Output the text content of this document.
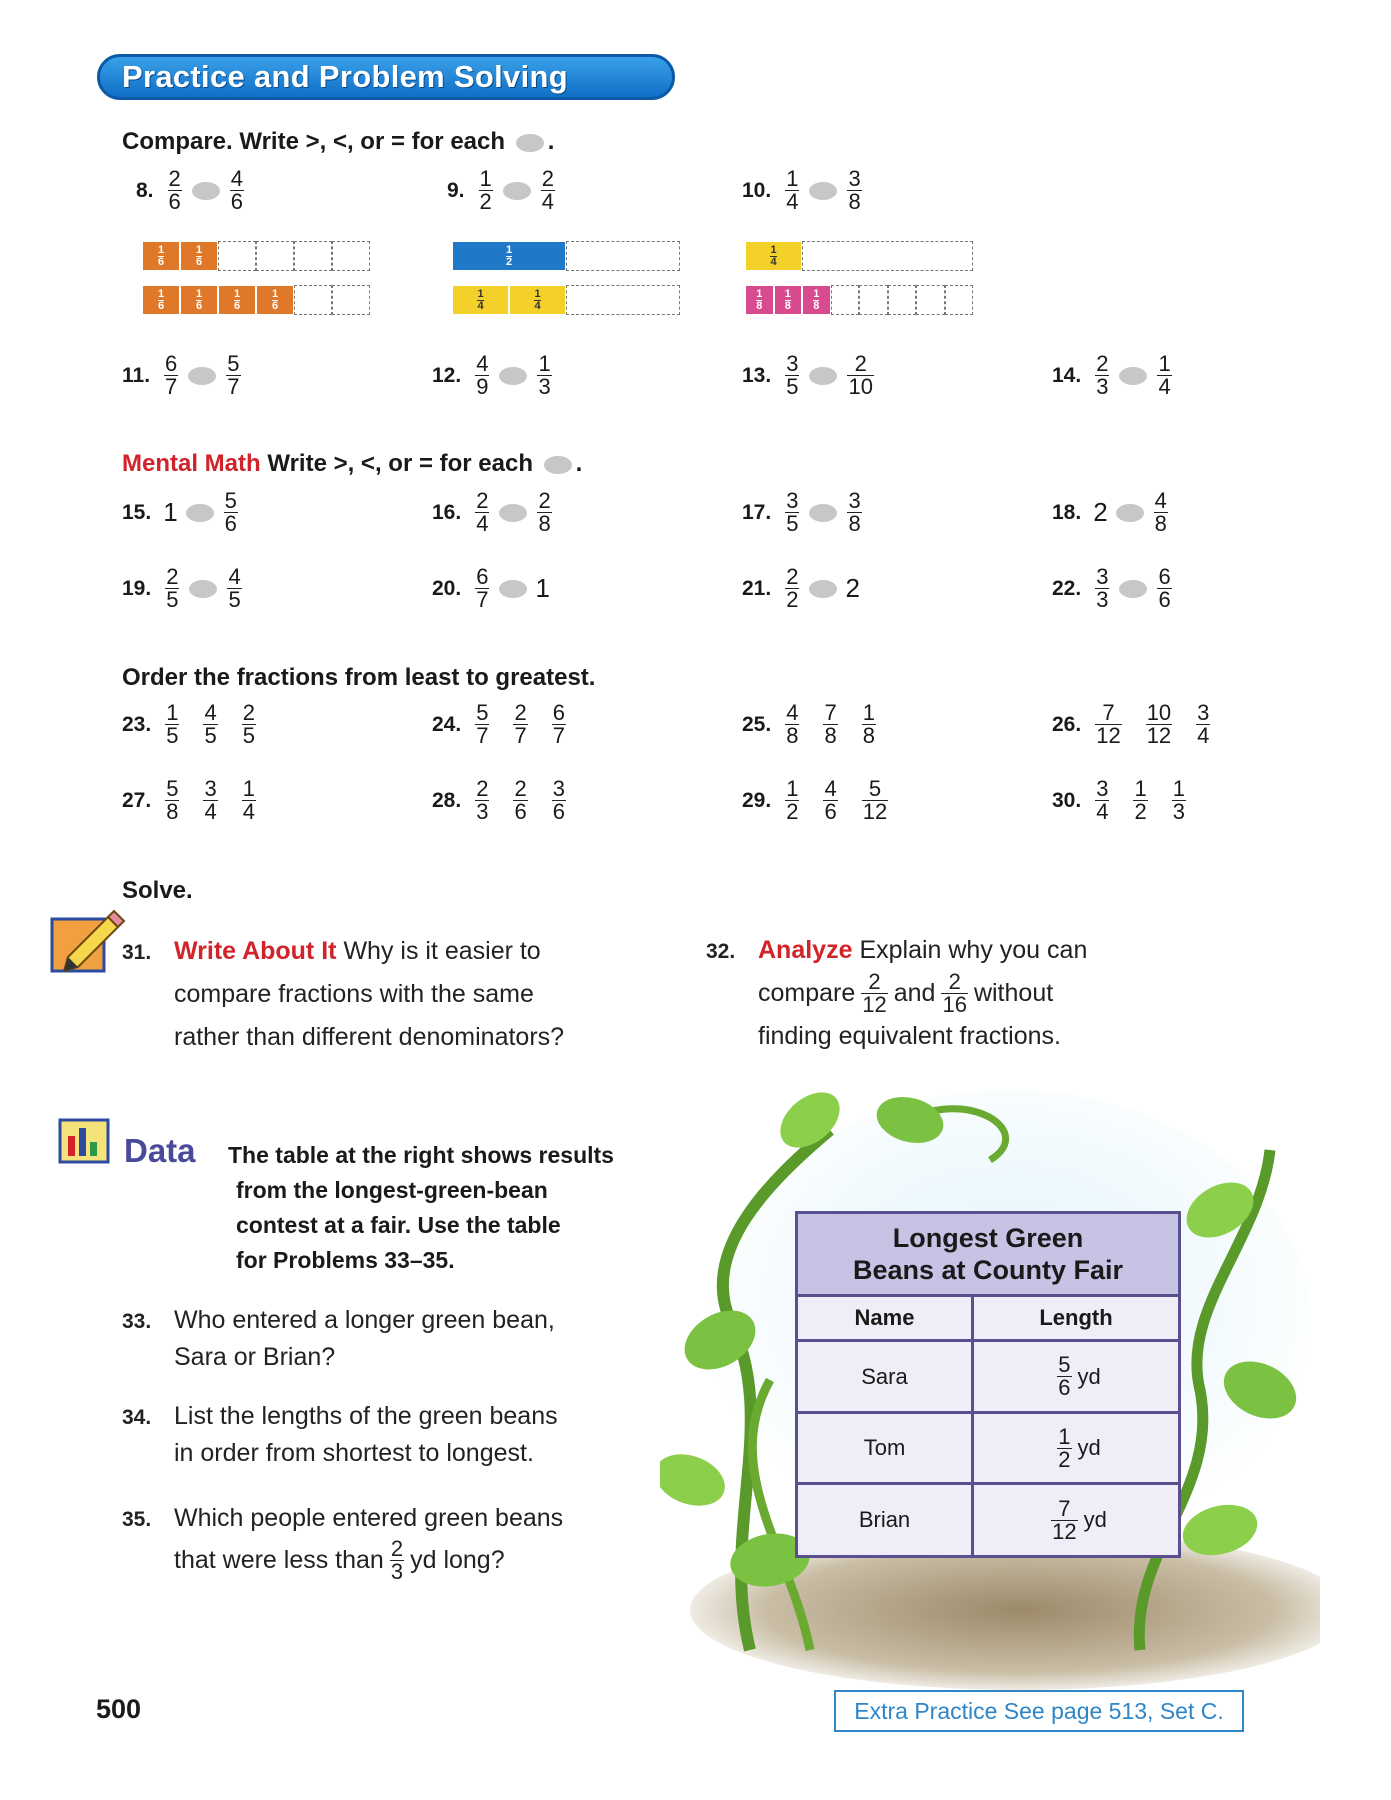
Practice and Problem Solving
Compare. Write >, <, or = for each .
8. $\frac{2}{6} \frac{4}{6}$	9. $\frac{1}{2} \frac{2}{4}$	10. $\frac{1}{4} \frac{3}{8}$
1
6
1
6
1
6
1
6
1
6
1
6
1
2
1
4
1
4
1
4
1
8
1
8
1
8
11. $\frac{6}{7} \frac{5}{7}$	12. $\frac{4}{9} \frac{1}{3}$	13. $\frac{3}{5} \frac{2}{10}$	14. $\frac{2}{3} \frac{1}{4}$
Mental Math Write >, <, or = for each .
15. $1 \frac{5}{6}$	16. $\frac{2}{4} \frac{2}{8}$	17. $\frac{3}{5} \frac{3}{8}$	18. $2 \frac{4}{8}$
19. $\frac{2}{5} \frac{4}{5}$	20. $\frac{6}{7} 1$	21. $\frac{2}{2} 2$	22. $\frac{3}{3} \frac{6}{6}$
Order the fractions from least to greatest.
23. $\frac{1}{5} \frac{4}{5} \frac{2}{5}$	24. $\frac{5}{7} \frac{2}{7} \frac{6}{7}$	25. $\frac{4}{8} \frac{7}{8} \frac{1}{8}$	26. $\frac{7}{12} \frac{10}{12} \frac{3}{4}$
27. $\frac{5}{8} \frac{3}{4} \frac{1}{4}$	28. $\frac{2}{3} \frac{2}{6} \frac{3}{6}$	29. $\frac{1}{2} \frac{4}{6} \frac{5}{12}$	30. $\frac{3}{4} \frac{1}{2} \frac{1}{3}$
Solve.
31. Write About It Why is it easier to
compare fractions with the same
rather than different denominators?
32. Analyze Explain why you can
compare $\frac{2}{12}$ and $\frac{2}{16}$ without
finding equivalent fractions.
Data The table at the right shows results
from the longest-green-bean
contest at a fair. Use the table
for Problems 33–35.
33. Who entered a longer green bean,
Sara or Brian?
34. List the lengths of the green beans
in order from shortest to longest.
35. Which people entered green beans
that were less than $\frac{2}{3}$ yd long?
Longest Green
Beans at County Fair
Name	Length
Sara	$\frac{5}{6}$ yd
Tom	$\frac{1}{2}$ yd
Brian	$\frac{7}{12}$ yd
500	Extra Practice See page 513, Set C.
